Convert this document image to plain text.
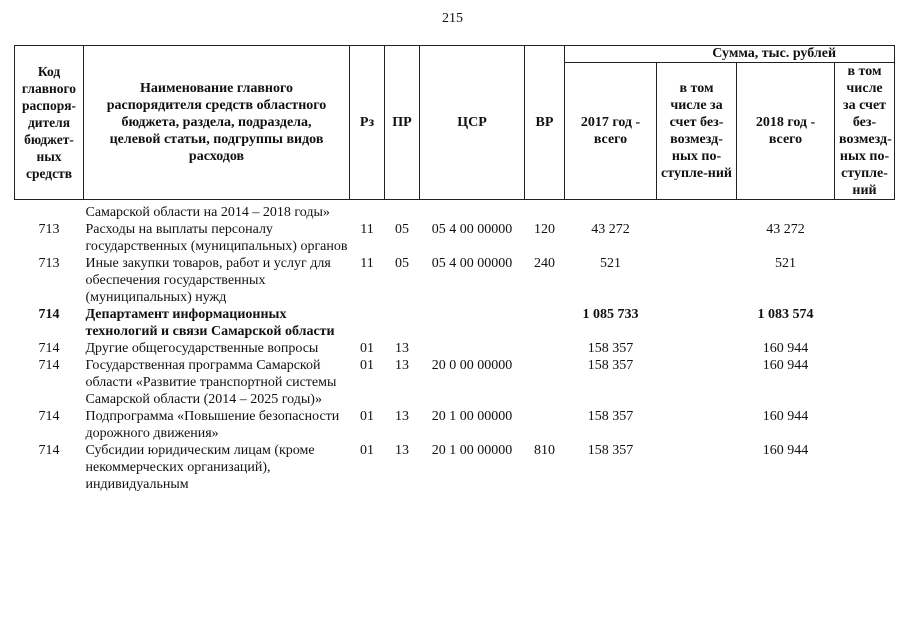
215
Код главного распоря-дителя бюджет-ных средств	Наименование главного распорядителя средств областного бюджета, раздела, подраздела, целевой статьи, подгруппы видов расходов	Рз	ПР	ЦСР	ВР	Сумма, тыс. рублей			
						2017 год - всего	в том числе за счет без-возмезд-ных по-ступле-ний	2018 год - всего	в том числе за счет без-возмезд-ных по-ступле-ний
	Самарской области на 2014 – 2018 годы»								
713	Расходы на выплаты персоналу государственных (муниципальных) органов	11	05	05 4 00 00000	120	43 272		43 272	
713	Иные закупки товаров, работ и услуг для обеспечения государственных (муниципальных) нужд	11	05	05 4 00 00000	240	521		521	
714	Департамент информационных технологий и связи Самарской области					1 085 733		1 083 574	
714	Другие общегосударственные вопросы	01	13			158 357		160 944	
714	Государственная программа Самарской области «Развитие транспортной системы Самарской области (2014 – 2025 годы)»	01	13	20 0 00 00000		158 357		160 944	
714	Подпрограмма «Повышение безопасности дорожного движения»	01	13	20 1 00 00000		158 357		160 944	
714	Субсидии юридическим лицам (кроме некоммерческих организаций), индивидуальным	01	13	20 1 00 00000	810	158 357		160 944	
